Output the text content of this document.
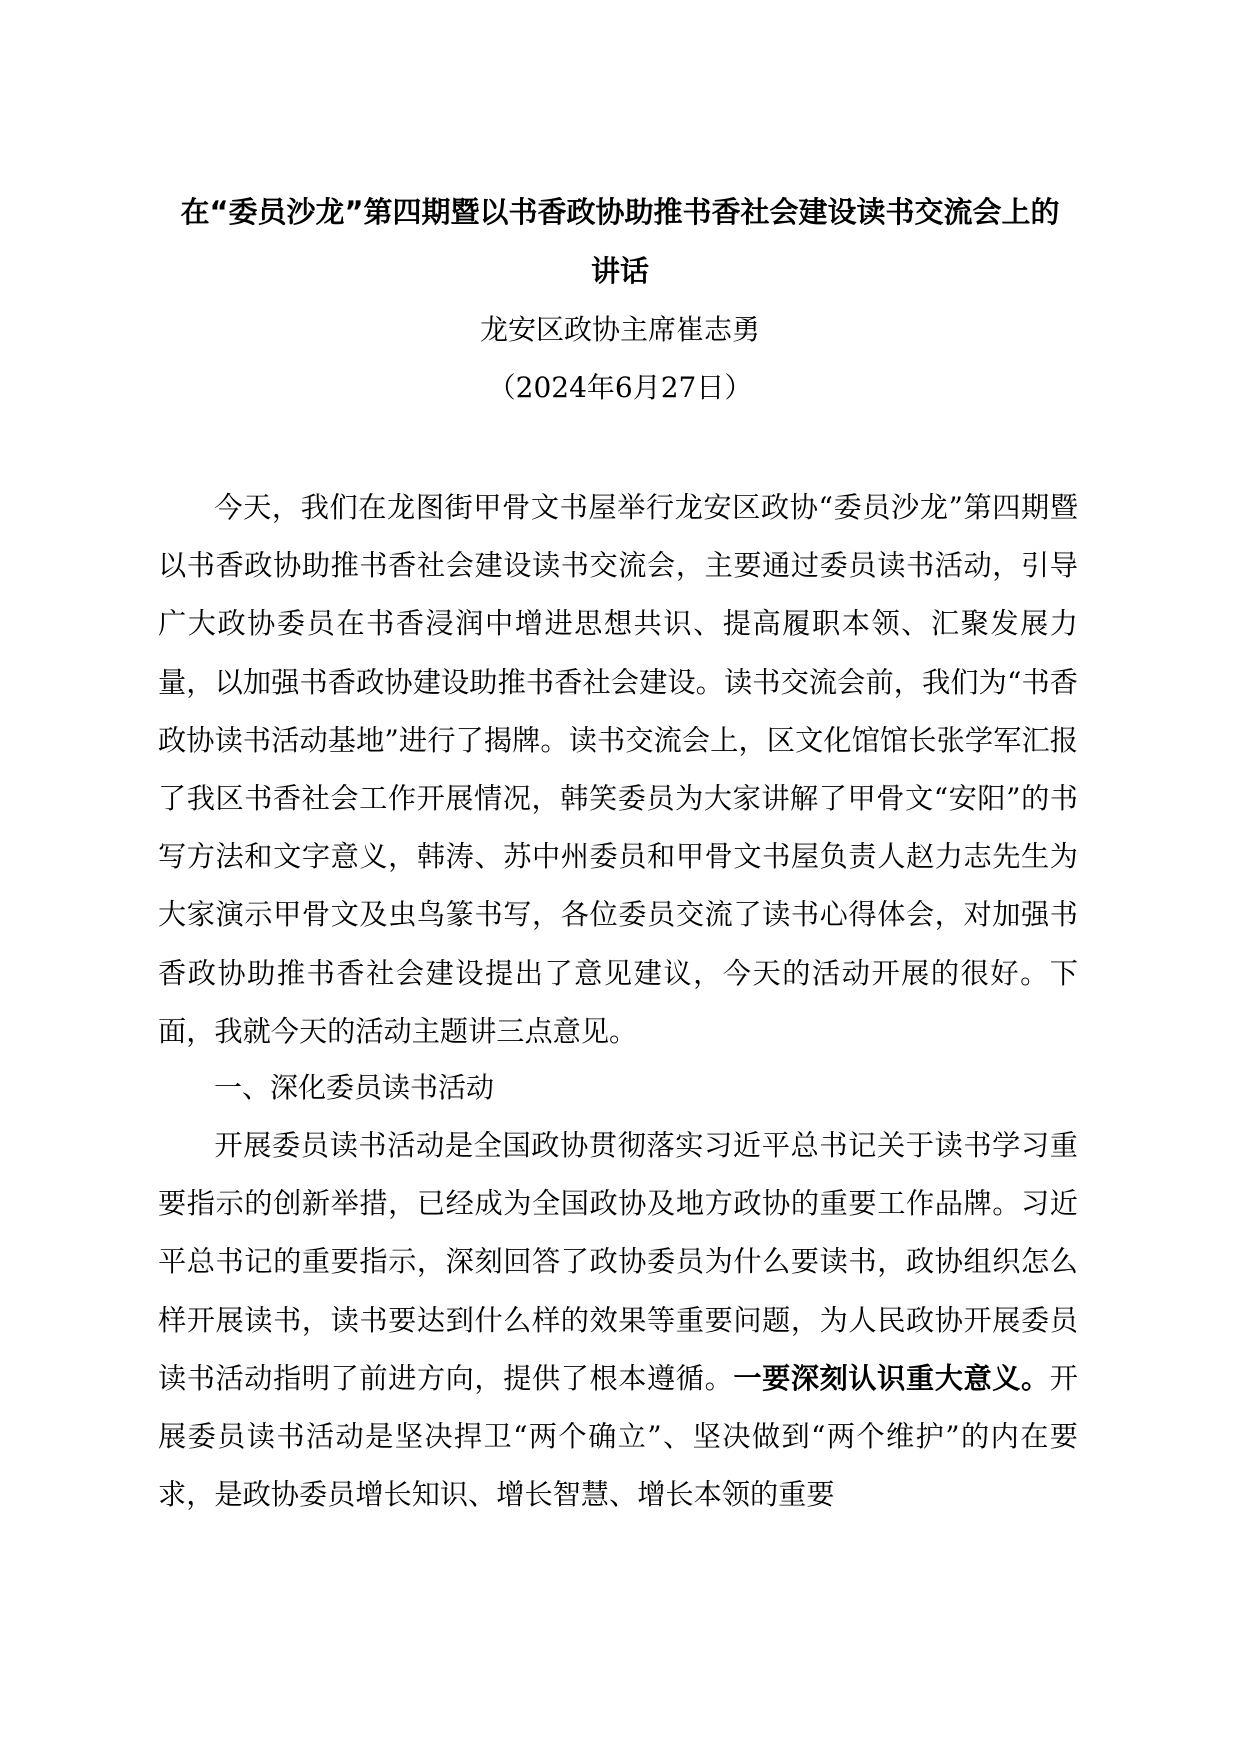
在“委员沙龙”第四期暨以书香政协助推书香社会建设读书交流会上的
讲话
龙安区政协主席崔志勇
（2024年6月27日）

今天，我们在龙图街甲骨文书屋举行龙安区政协“委员沙龙”第四期暨以书香政协助推书香社会建设读书交流会，主要通过委员读书活动，引导广大政协委员在书香浸润中增进思想共识、提高履职本领、汇聚发展力量，以加强书香政协建设助推书香社会建设。读书交流会前，我们为“书香政协读书活动基地”进行了揭牌。读书交流会上，区文化馆馆长张学军汇报了我区书香社会工作开展情况，韩笑委员为大家讲解了甲骨文“安阳”的书写方法和文字意义，韩涛、苏中州委员和甲骨文书屋负责人赵力志先生为大家演示甲骨文及虫鸟篆书写，各位委员交流了读书心得体会，对加强书香政协助推书香社会建设提出了意见建议，今天的活动开展的很好。下面，我就今天的活动主题讲三点意见。

一、深化委员读书活动

开展委员读书活动是全国政协贯彻落实习近平总书记关于读书学习重要指示的创新举措，已经成为全国政协及地方政协的重要工作品牌。习近平总书记的重要指示，深刻回答了政协委员为什么要读书，政协组织怎么样开展读书，读书要达到什么样的效果等重要问题，为人民政协开展委员读书活动指明了前进方向，提供了根本遵循。一要深刻认识重大意义。开展委员读书活动是坚决捍卫“两个确立”、坚决做到“两个维护”的内在要求，是政协委员增长知识、增长智慧、增长本领的重要
